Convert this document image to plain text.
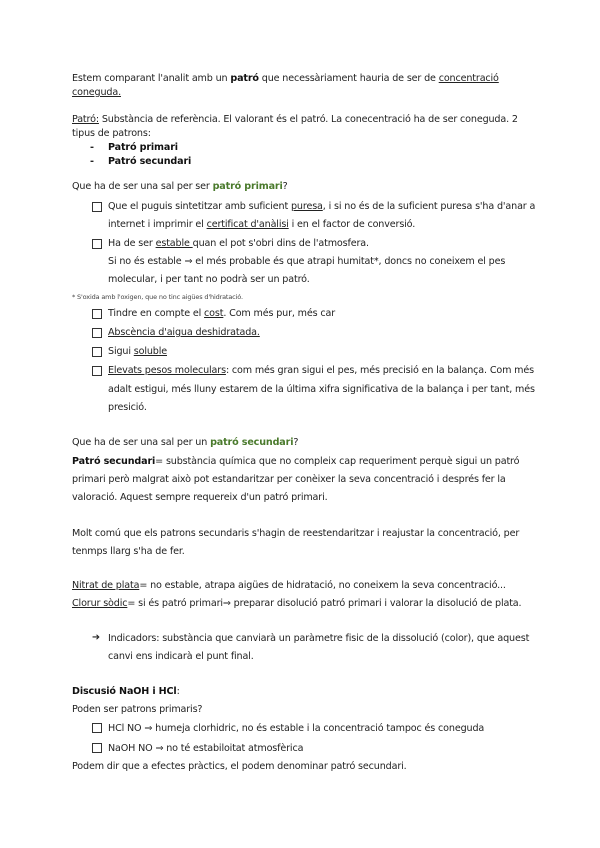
Estem comparant l'analit amb un patró que necessàriament hauria de ser de concentració
coneguda.
Patró: Substància de referència. El valorant és el patró. La conecentració ha de ser coneguda. 2
tipus de patrons:
- Patró primari
- Patró secundari
Que ha de ser una sal per ser patró primari?
Que el puguis sintetitzar amb suficient puresa, i si no és de la suficient puresa s'ha d'anar a
internet i imprimir el certificat d'anàlisi i en el factor de conversió.
Ha de ser estable quan el pot s'obri dins de l'atmosfera.
Si no és estable ⇒ el més probable és que atrapi humitat*, doncs no coneixem el pes
molecular, i per tant no podrà ser un patró.
* S'oxida amb l'oxigen, que no tinc aigües d'hidratació.
Tindre en compte el cost. Com més pur, més car
Abscència d'aigua deshidratada.
Sigui soluble
Elevats pesos moleculars: com més gran sigui el pes, més precisió en la balança. Com més
adalt estigui, més lluny estarem de la última xifra significativa de la balança i per tant, més
presició.
Que ha de ser una sal per un patró secundari?
Patró secundari= substància química que no compleix cap requeriment perquè sigui un patró
primari però malgrat això pot estandaritzar per conèixer la seva concentració i després fer la
valoració. Aquest sempre requereix d'un patró primari.
Molt comú que els patrons secundaris s'hagin de reestendaritzar i reajustar la concentració, per
tenmps llarg s'ha de fer.
Nitrat de plata= no estable, atrapa aigües de hidratació, no coneixem la seva concentració...
Clorur sòdic= si és patró primari⇒ preparar disolució patró primari i valorar la disolució de plata.
➔ Indicadors: substància que canviarà un paràmetre fisic de la dissolució (color), que aquest
canvi ens indicarà el punt final.
Discusió NaOH i HCl:
Poden ser patrons primaris?
HCl NO ⇒ humeja clorhidric, no és estable i la concentració tampoc és coneguda
NaOH NO ⇒ no té estabiloitat atmosfèrica
Podem dir que a efectes pràctics, el podem denominar patró secundari.
